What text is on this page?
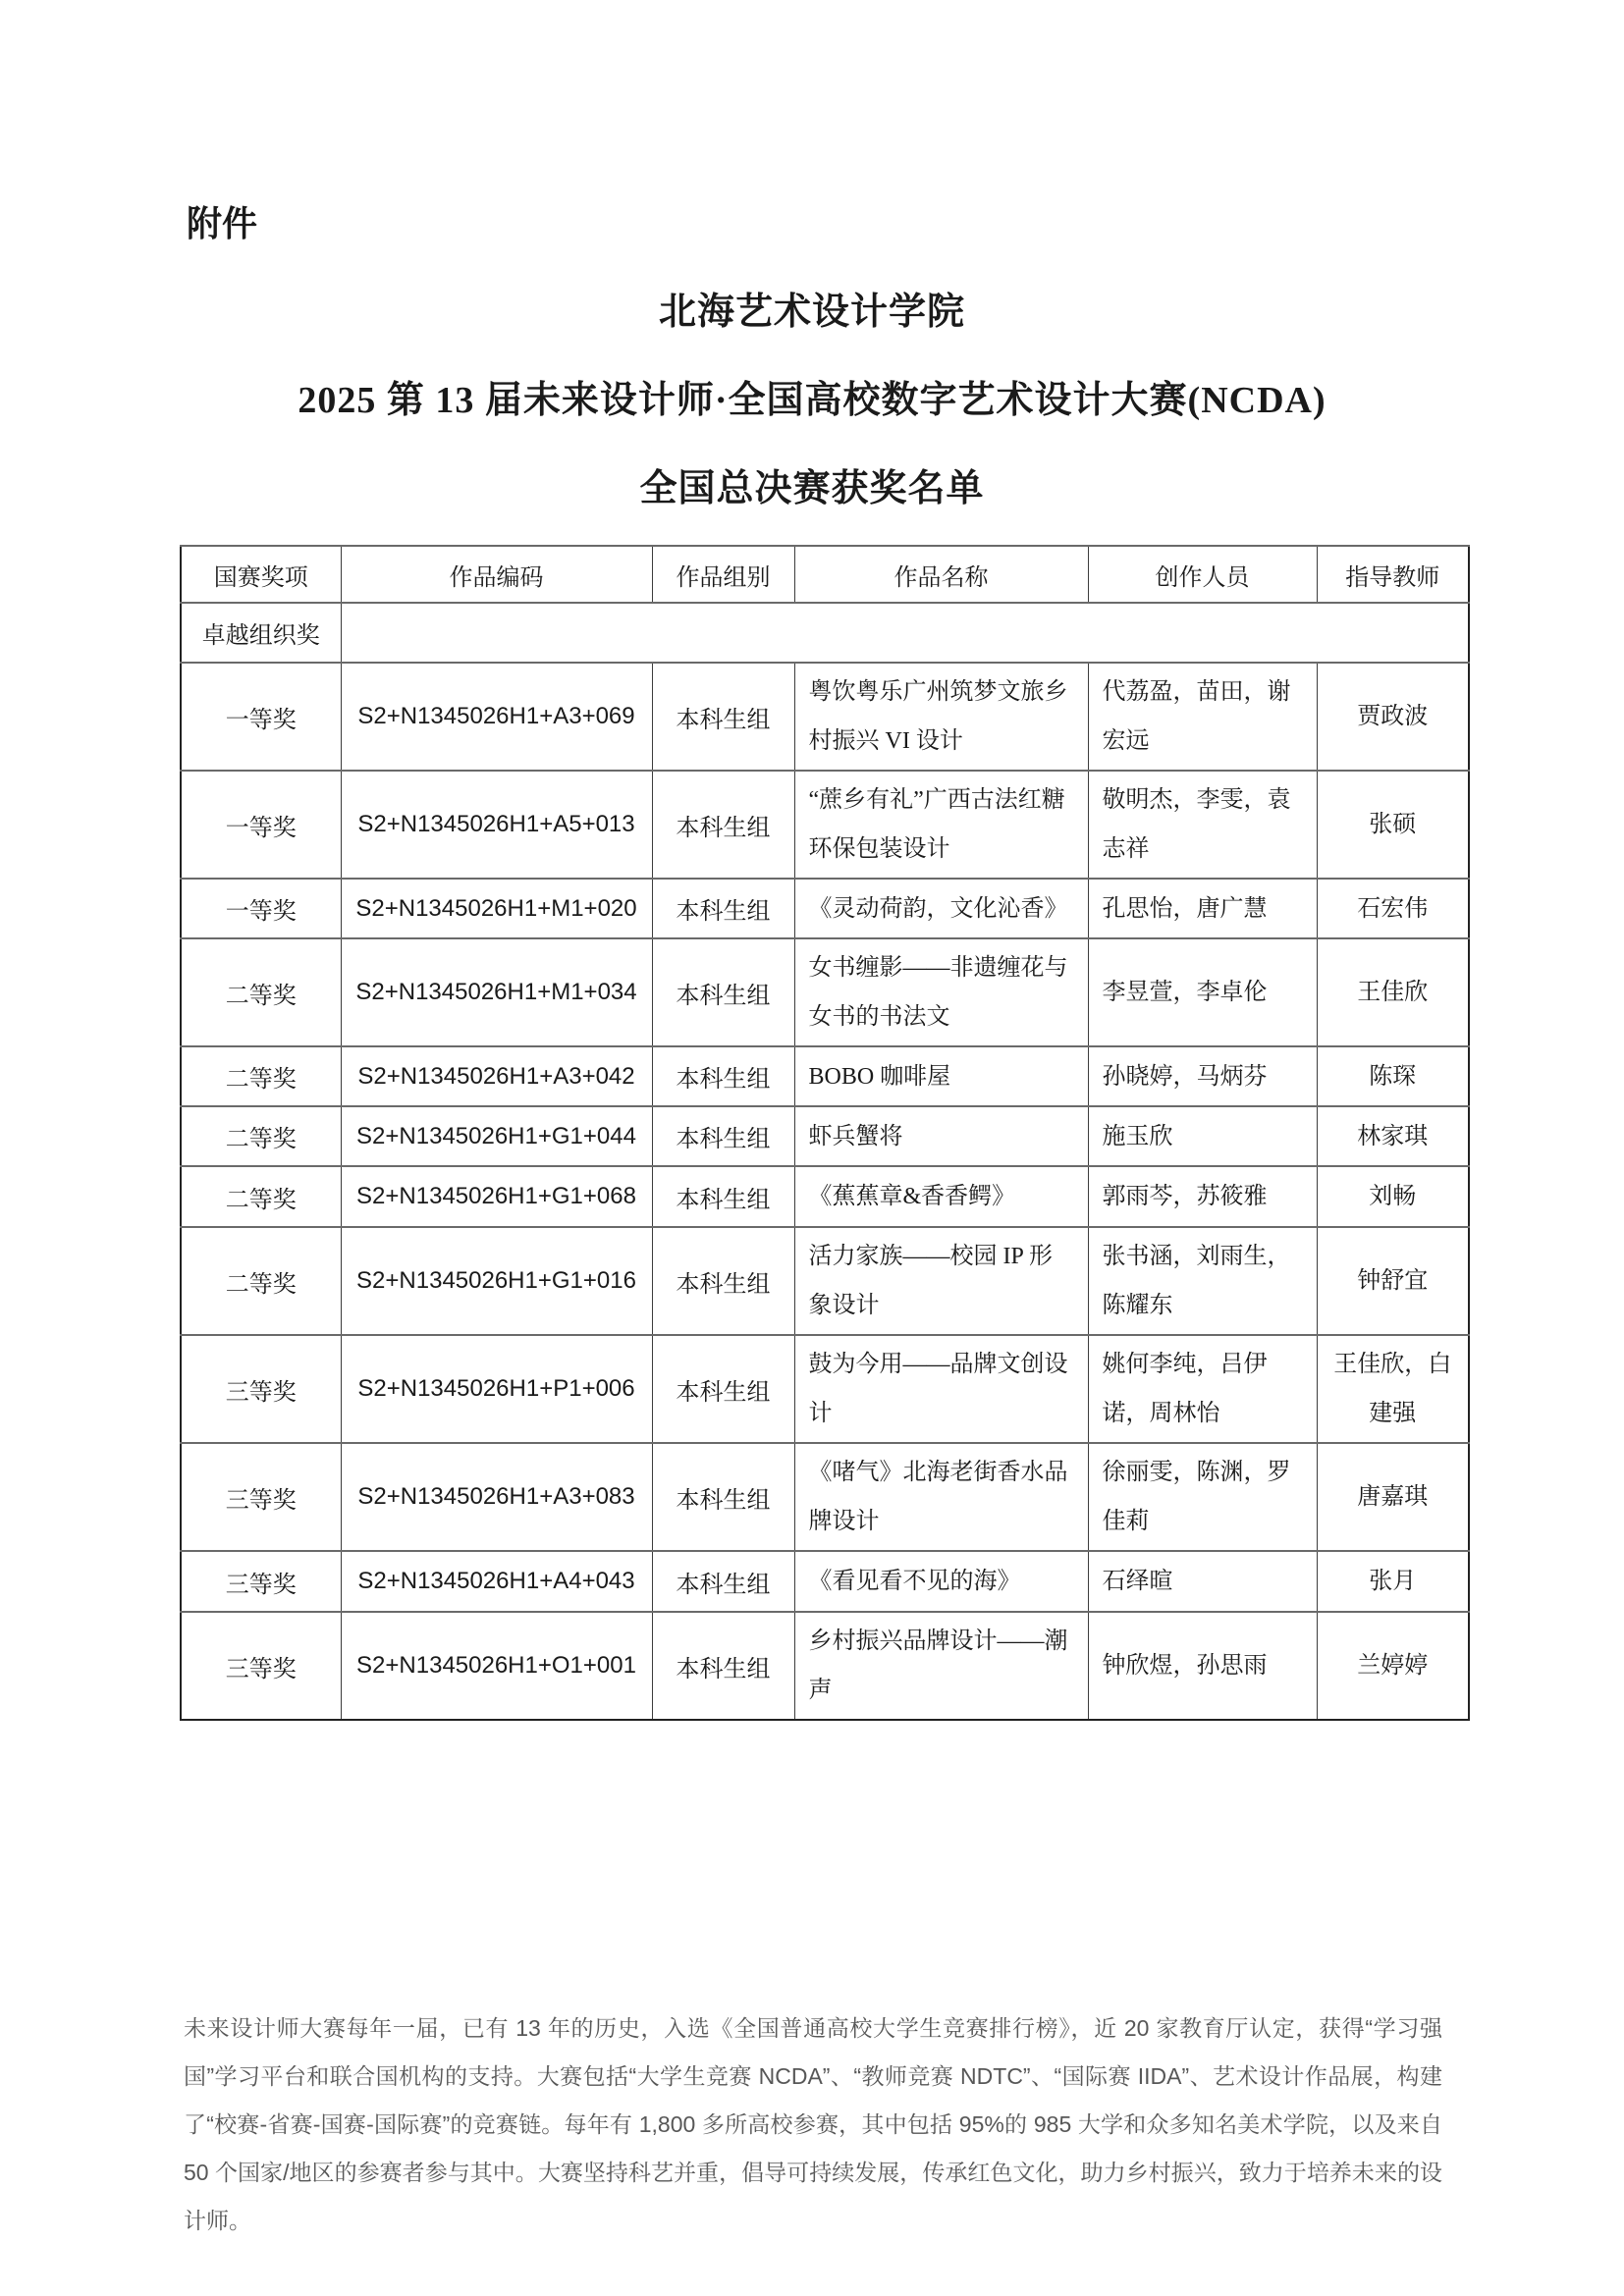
附件
北海艺术设计学院
2025 第 13 届未来设计师·全国高校数字艺术设计大赛(NCDA)
全国总决赛获奖名单
国赛奖项	作品编码	作品组别	作品名称	创作人员	指导教师
卓越组织奖					
一等奖	S2+N1345026H1+A3+069	本科生组	粤饮粤乐广州筑梦文旅乡村振兴 VI 设计	代荔盈，苗田，谢宏远	贾政波
一等奖	S2+N1345026H1+A5+013	本科生组	“蔗乡有礼”广西古法红糖环保包装设计	敬明杰，李雯，袁志祥	张硕
一等奖	S2+N1345026H1+M1+020	本科生组	《灵动荷韵，文化沁香》	孔思怡，唐广慧	石宏伟
二等奖	S2+N1345026H1+M1+034	本科生组	女书缠影——非遗缠花与女书的书法文	李昱萱，李卓伦	王佳欣
二等奖	S2+N1345026H1+A3+042	本科生组	BOBO 咖啡屋	孙晓婷，马炳芬	陈琛
二等奖	S2+N1345026H1+G1+044	本科生组	虾兵蟹将	施玉欣	林家琪
二等奖	S2+N1345026H1+G1+068	本科生组	《蕉蕉章&香香鳄》	郭雨芩，苏筱雅	刘畅
二等奖	S2+N1345026H1+G1+016	本科生组	活力家族——校园 IP 形象设计	张书涵，刘雨生，陈耀东	钟舒宜
三等奖	S2+N1345026H1+P1+006	本科生组	鼓为今用——品牌文创设计	姚何李纯，吕伊诺，周林怡	王佳欣，白建强
三等奖	S2+N1345026H1+A3+083	本科生组	《啫气》北海老街香水品牌设计	徐丽雯，陈渊，罗佳莉	唐嘉琪
三等奖	S2+N1345026H1+A4+043	本科生组	《看见看不见的海》	石绎暄	张月
三等奖	S2+N1345026H1+O1+001	本科生组	乡村振兴品牌设计——潮声	钟欣煜，孙思雨	兰婷婷

未来设计师大赛每年一届，已有 13 年的历史，入选《全国普通高校大学生竞赛排行榜》，近 20 家教育厅认定，获得“学习强国”学习平台和联合国机构的支持。大赛包括“大学生竞赛 NCDA”、“教师竞赛 NDTC”、“国际赛 IIDA”、艺术设计作品展，构建了“校赛-省赛-国赛-国际赛”的竞赛链。每年有 1,800 多所高校参赛，其中包括 95%的 985 大学和众多知名美术学院，以及来自 50 个国家/地区的参赛者参与其中。大赛坚持科艺并重，倡导可持续发展，传承红色文化，助力乡村振兴，致力于培养未来的设计师。
